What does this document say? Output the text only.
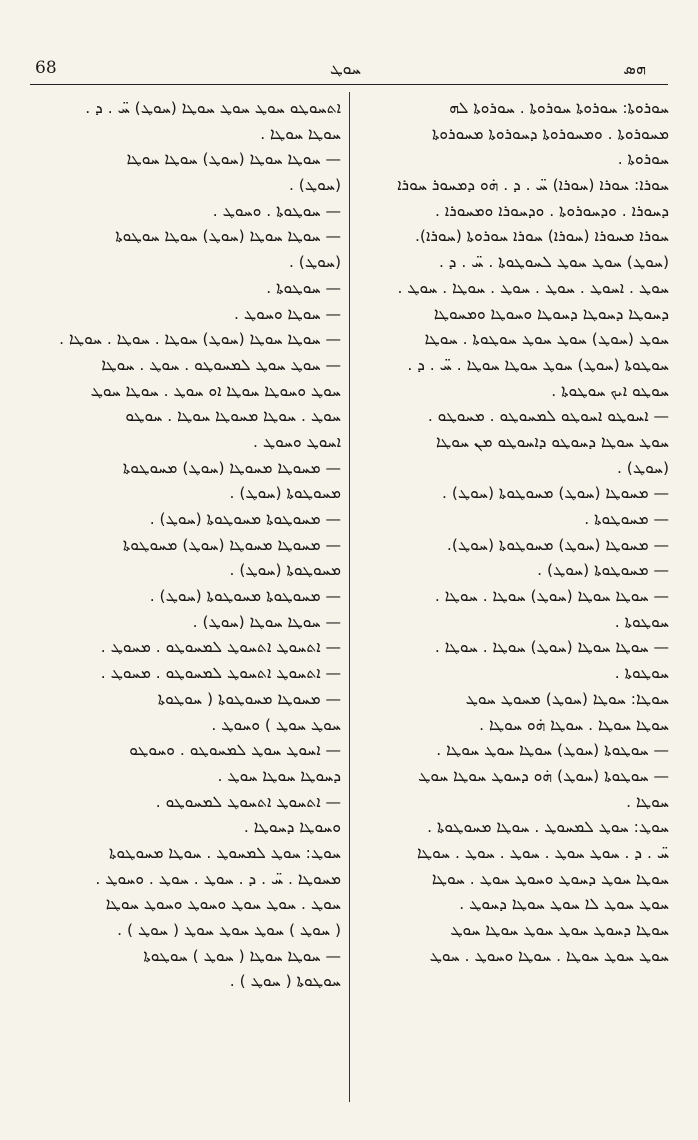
68	ܚܘܛ	ܗܣ
ܚܘܪܘܬܐ: ܚܘܪܘܬܐ ܚܘܪܘܬܐ . ܚܘܪܘܬܐ ܠܗ
ܡܚܘܪܘܬܐ . ܘܡܚܘܪܘܬܐ ܕܚܘܪܘܬܐ ܡܚܘܪܘܬܐ
ܚܘܪܘܬܐ .
ܚܘܪܐ: ܚܘܪܐ (ܚܘܪܐ) ܚ̈ . ܕ . ܗ̇ܘ ܕܡܚܘܪ ܚܘܪܐ
ܕܚܘܪܐ . ܘܕܚܘܪܘܬܐ . ܘܕܚܘܪܐ ܘܡܚܘܪܐ .
ܚܘܪܐ ܡܚܘܪܐ (ܚܘܪܐ) ܚܘܪܐ ܚܘܪܘܬܐ (ܚܘܪܐ).
(ܚܘܛ) ܚܘܛ ܚܘܛ ܠܚܘܛܘܬܐ . ܚ̈ . ܕ .
ܚܘܛ . ܐܚܘܛ . ܚܘܛ . ܚܘܛ . ܚܘܛܐ . ܚܘܛ .
ܕܚܘܛܐ ܕܚܘܛܐ ܕܚܘܛܐ ܘܚܘܛܐ ܘܡܚܘܛܐ
ܚܘܛ (ܚܘܛ) ܚܘܛ ܚܘܛ ܚܘܛܘܬܐ . ܚܘܛܐ
ܚܘܛܘܬܐ (ܚܘܛ) ܚܘܛ ܚܘܛܐ ܚܘܛܐ . ܚ̈ . ܕ .
ܚܘܛܘ ܐܝܟ ܚܘܛܘܬܐ .
— ܐܚܘܛܘ ܐܚܘܛܘ ܠܡܚܘܛܘ . ܡܚܘܛܘ .
ܚܘܛ ܚܘܛܐ ܕܚܘܛܘ ܕܐܚܘܛܘ ܡܢ ܚܘܛܐ
(ܚܘܛ) .
— ܡܚܘܛܐ (ܚܘܛ) ܡܚܘܛܘܬܐ (ܚܘܛ) .
— ܡܚܘܛܘܬܐ .
— ܡܚܘܛܐ (ܚܘܛ) ܡܚܘܛܘܬܐ (ܚܘܛ).
— ܡܚܘܛܘܬܐ (ܚܘܛ) .
— ܚܘܛܐ ܚܘܛܐ (ܚܘܛ) ܚܘܛܐ . ܚܘܛܐ .
ܚܘܛܘܬܐ .
— ܚܘܛܐ ܚܘܛܐ (ܚܘܛ) ܚܘܛܐ . ܚܘܛܐ .
ܚܘܛܘܬܐ .
ܚܘܛܐ: ܚܘܛܐ (ܚܘܛ) ܡܚܘܛ ܚܘܛ
ܚܘܛܐ ܚܘܛܐ . ܚܘܛܐ ܗ̇ܘ ܚܘܛܐ .
— ܚܘܛܘܬܐ (ܚܘܛ) ܚܘܛܐ ܚܘܛ ܚܘܛܐ .
— ܚܘܛܘܬܐ (ܚܘܛ) ܗ̇ܘ ܕܚܘܛ ܚܘܛܐ ܚܘܛ
ܚܘܛܐ .
ܚܘܛ: ܚܘܛ ܠܡܚܘܛ . ܚܘܛܐ ܡܚܘܛܘܬܐ .
ܚ̈ . ܕ . ܚܘܛ ܚܘܛ . ܚܘܛ . ܚܘܛ . ܚܘܛܐ
ܚܘܛܐ ܚܘܛ ܕܚܘܛ ܘܚܘܛ ܚܘܛ . ܚܘܛܐ
ܚܘܛ ܚܘܛ ܠܐ ܚܘܛ ܚܘܛܐ ܕܚܘܛ .
ܚܘܛܐ ܕܚܘܛ ܚܘܛ ܚܘܛ ܚܘܛܐ ܚܘܛ
ܚܘܛ ܚܘܛ ܚܘܛܐ . ܚܘܛܐ ܘܚܘܛ . ܚܘܛ
ܐܬܚܘܛܘ ܚܘܛ ܚܘܛ ܚܘܛܐ (ܚܘܛ) ܚ̈ . ܕ .
ܚܘܛܐ ܚܘܛܐ .
— ܚܘܛܐ ܚܘܛܐ (ܚܘܛ) ܚܘܛܐ ܚܘܛܐ
(ܚܘܛ) .
— ܚܘܛܘܬܐ . ܘܚܘܛ .
— ܚܘܛܐ ܚܘܛܐ (ܚܘܛ) ܚܘܛܐ ܚܘܛܘܬܐ
(ܚܘܛ) .
— ܚܘܛܘܬܐ .
— ܚܘܛܐ ܘܚܘܛ .
— ܚܘܛܐ ܚܘܛܐ (ܚܘܛ) ܚܘܛܐ . ܚܘܛܐ . ܚܘܛܐ .
— ܚܘܛ ܚܘܛ ܠܡܚܘܛܘ . ܚܘܛ . ܚܘܛܐ
ܚܘܛ ܘܚܘܛܐ ܚܘܛܐ ܐܘ ܚܘܛ . ܚܘܛܐ ܚܘܛ
ܚܘܛ . ܚܘܛܐ ܡܚܘܛܐ ܚܘܛܐ . ܚܘܛܘ
ܐܚܘܛ ܘܚܘܛ .
— ܡܚܘܛܐ ܡܚܘܛܐ (ܚܘܛ) ܡܚܘܛܘܬܐ
ܡܚܘܛܘܬܐ (ܚܘܛ) .
— ܡܚܘܛܘܬܐ ܡܚܘܛܘܬܐ (ܚܘܛ) .
— ܡܚܘܛܐ ܡܚܘܛܐ (ܚܘܛ) ܡܚܘܛܘܬܐ
ܡܚܘܛܘܬܐ (ܚܘܛ) .
— ܡܚܘܛܘܬܐ ܡܚܘܛܘܬܐ (ܚܘܛ) .
— ܚܘܛܐ ܚܘܛܐ (ܚܘܛ) .
— ܐܬܚܘܛ ܐܬܚܘܛ ܠܡܚܘܛܘ . ܡܚܘܛ .
— ܐܬܚܘܛ ܐܬܚܘܛ ܠܡܚܘܛܘ . ܡܚܘܛ .
— ܡܚܘܛܐ ܡܚܘܛܘܬܐ ( ܚܘܛܘܬܐ
ܚܘܛ ܚܘܛ ) ܘܚܘܛ .
— ܐܚܘܛ ܚܘܛ ܠܡܚܘܛܘ . ܘܚܘܛܘ
ܕܚܘܛܐ ܚܘܛܐ ܚܘܛ .
— ܐܬܚܘܛ ܐܬܚܘܛ ܠܡܚܘܛܘ .
ܘܚܘܛܐ ܕܚܘܛܐ .
ܚܘܛ: ܚܘܛ ܠܡܚܘܛ . ܚܘܛܐ ܡܚܘܛܘܬܐ
ܡܚܘܛܐ . ܚ̈ . ܕ . ܚܘܛ . ܚܘܛ . ܘܚܘܛ .
ܚܘܛ . ܚܘܛ ܚܘܛ ܘܚܘܛ ܘܚܘܛ ܚܘܛܐ
( ܚܘܛ ) ܚܘܛ ܚܘܛ ܚܘܛ ( ܚܘܛ ) .
— ܚܘܛܐ ܚܘܛܐ ( ܚܘܛ ) ܚܘܛܘܬܐ
ܚܘܛܘܬܐ ( ܚܘܛ ) .
